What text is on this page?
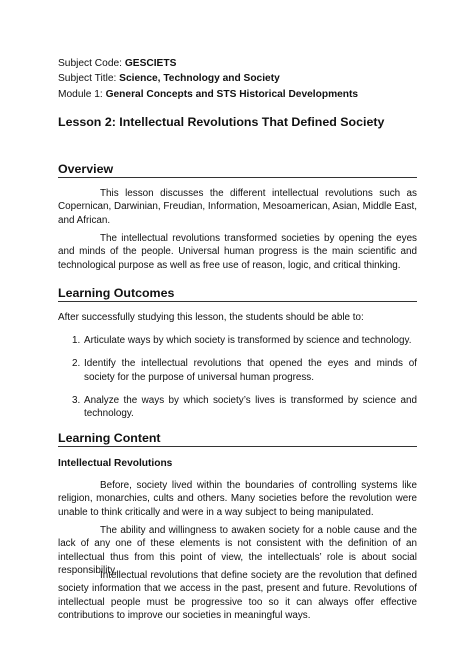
Subject Code: GESCIETS
Subject Title: Science, Technology and Society
Module 1: General Concepts and STS Historical Developments
Lesson 2: Intellectual Revolutions That Defined Society
Overview

This lesson discusses the different intellectual revolutions such as Copernican, Darwinian, Freudian, Information, Mesoamerican, Asian, Middle East, and African.

The intellectual revolutions transformed societies by opening the eyes and minds of the people. Universal human progress is the main scientific and technological purpose as well as free use of reason, logic, and critical thinking.

Learning Outcomes

After successfully studying this lesson, the students should be able to:

1. Articulate ways by which society is transformed by science and technology.
2. Identify the intellectual revolutions that opened the eyes and minds of society for the purpose of universal human progress.
3. Analyze the ways by which society’s lives is transformed by science and technology.
Learning Content
Intellectual Revolutions

Before, society lived within the boundaries of controlling systems like religion, monarchies, cults and others. Many societies before the revolution were unable to think critically and were in a way subject to being manipulated.

The ability and willingness to awaken society for a noble cause and the lack of any one of these elements is not consistent with the definition of an intellectual thus from this point of view, the intellectuals’ role is about social responsibility.

Intellectual revolutions that define society are the revolution that defined society information that we access in the past, present and future. Revolutions of intellectual people must be progressive too so it can always offer effective contributions to improve our societies in meaningful ways.
